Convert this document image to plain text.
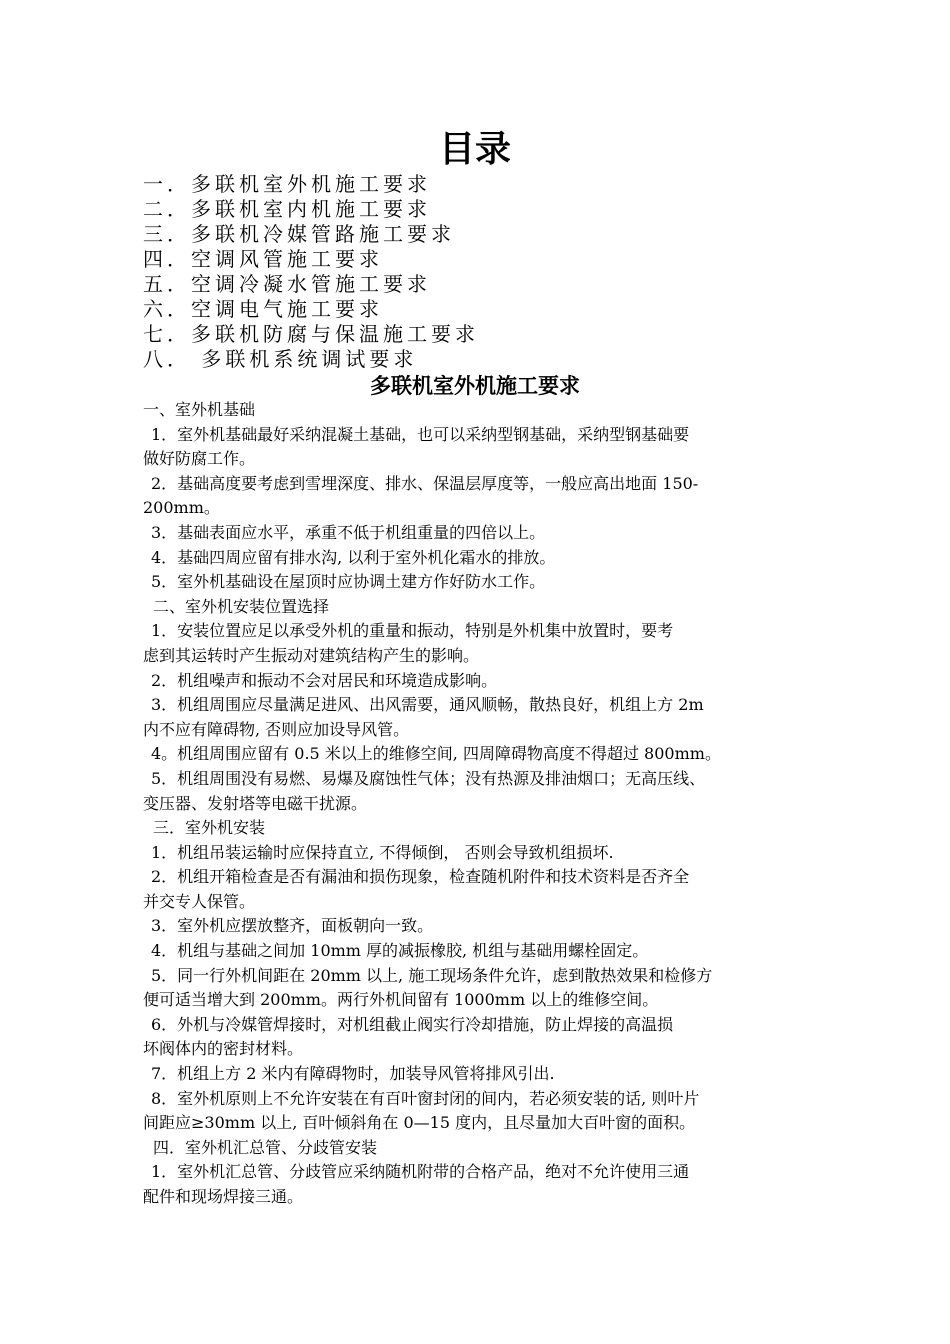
目录
一．多联机室外机施工要求
二．多联机室内机施工要求
三．多联机冷媒管路施工要求
四．空调风管施工要求
五．空调冷凝水管施工要求
六．空调电气施工要求
七．多联机防腐与保温施工要求
八． 多联机系统调试要求
多联机室外机施工要求
一、室外机基础
1．室外机基础最好采纳混凝土基础，也可以采纳型钢基础，采纳型钢基础要
做好防腐工作。
2．基础高度要考虑到雪埋深度、排水、保温层厚度等，一般应高出地面 150-
200mm。
3．基础表面应水平，承重不低于机组重量的四倍以上。
4．基础四周应留有排水沟, 以利于室外机化霜水的排放。
5．室外机基础设在屋顶时应协调土建方作好防水工作。
二、室外机安装位置选择
1．安装位置应足以承受外机的重量和振动，特别是外机集中放置时，要考
虑到其运转时产生振动对建筑结构产生的影响。
2．机组噪声和振动不会对居民和环境造成影响。
3．机组周围应尽量满足进风、出风需要，通风顺畅，散热良好，机组上方 2m
内不应有障碍物, 否则应加设导风管。
4。机组周围应留有 0.5 米以上的维修空间, 四周障碍物高度不得超过 800mm。
5．机组周围没有易燃、易爆及腐蚀性气体；没有热源及排油烟口；无高压线、
变压器、发射塔等电磁干扰源。
三．室外机安装
1．机组吊装运输时应保持直立, 不得倾倒， 否则会导致机组损坏.
2．机组开箱检查是否有漏油和损伤现象，检查随机附件和技术资料是否齐全
并交专人保管。
3．室外机应摆放整齐，面板朝向一致。
4．机组与基础之间加 10mm 厚的减振橡胶, 机组与基础用螺栓固定。
5．同一行外机间距在 20mm 以上, 施工现场条件允许，虑到散热效果和检修方
便可适当增大到 200mm。两行外机间留有 1000mm 以上的维修空间。
6．外机与冷媒管焊接时，对机组截止阀实行冷却措施，防止焊接的高温损
坏阀体内的密封材料。
7．机组上方 2 米内有障碍物时，加装导风管将排风引出.
8．室外机原则上不允许安装在有百叶窗封闭的间内，若必须安装的话, 则叶片
间距应≥30mm 以上, 百叶倾斜角在 0—15 度内，且尽量加大百叶窗的面积。
四．室外机汇总管、分歧管安装
1．室外机汇总管、分歧管应采纳随机附带的合格产品，绝对不允许使用三通
配件和现场焊接三通。
